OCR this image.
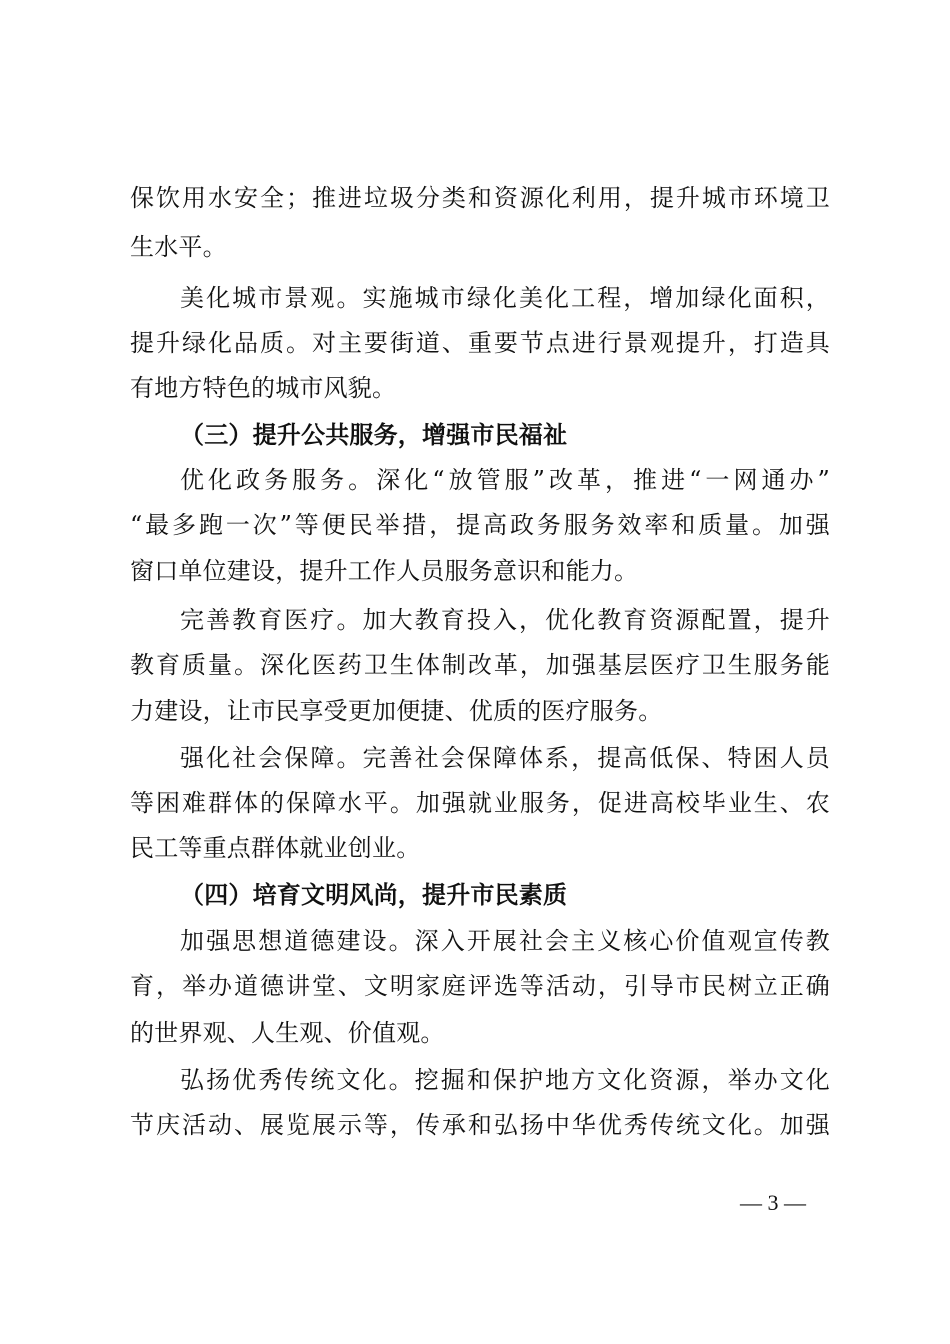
保饮用水安全；推进垃圾分类和资源化利用，提升城市环境卫
生水平。
美化城市景观。实施城市绿化美化工程，增加绿化面积，
提升绿化品质。对主要街道、重要节点进行景观提升，打造具
有地方特色的城市风貌。
（三）提升公共服务，增强市民福祉
优化政务服务。深化“放管服”改革，推进“一网通办”
“最多跑一次”等便民举措，提高政务服务效率和质量。加强
窗口单位建设，提升工作人员服务意识和能力。
完善教育医疗。加大教育投入，优化教育资源配置，提升
教育质量。深化医药卫生体制改革，加强基层医疗卫生服务能
力建设，让市民享受更加便捷、优质的医疗服务。
强化社会保障。完善社会保障体系，提高低保、特困人员
等困难群体的保障水平。加强就业服务，促进高校毕业生、农
民工等重点群体就业创业。
（四）培育文明风尚，提升市民素质
加强思想道德建设。深入开展社会主义核心价值观宣传教
育，举办道德讲堂、文明家庭评选等活动，引导市民树立正确
的世界观、人生观、价值观。
弘扬优秀传统文化。挖掘和保护地方文化资源，举办文化
节庆活动、展览展示等，传承和弘扬中华优秀传统文化。加强
— 3 —
